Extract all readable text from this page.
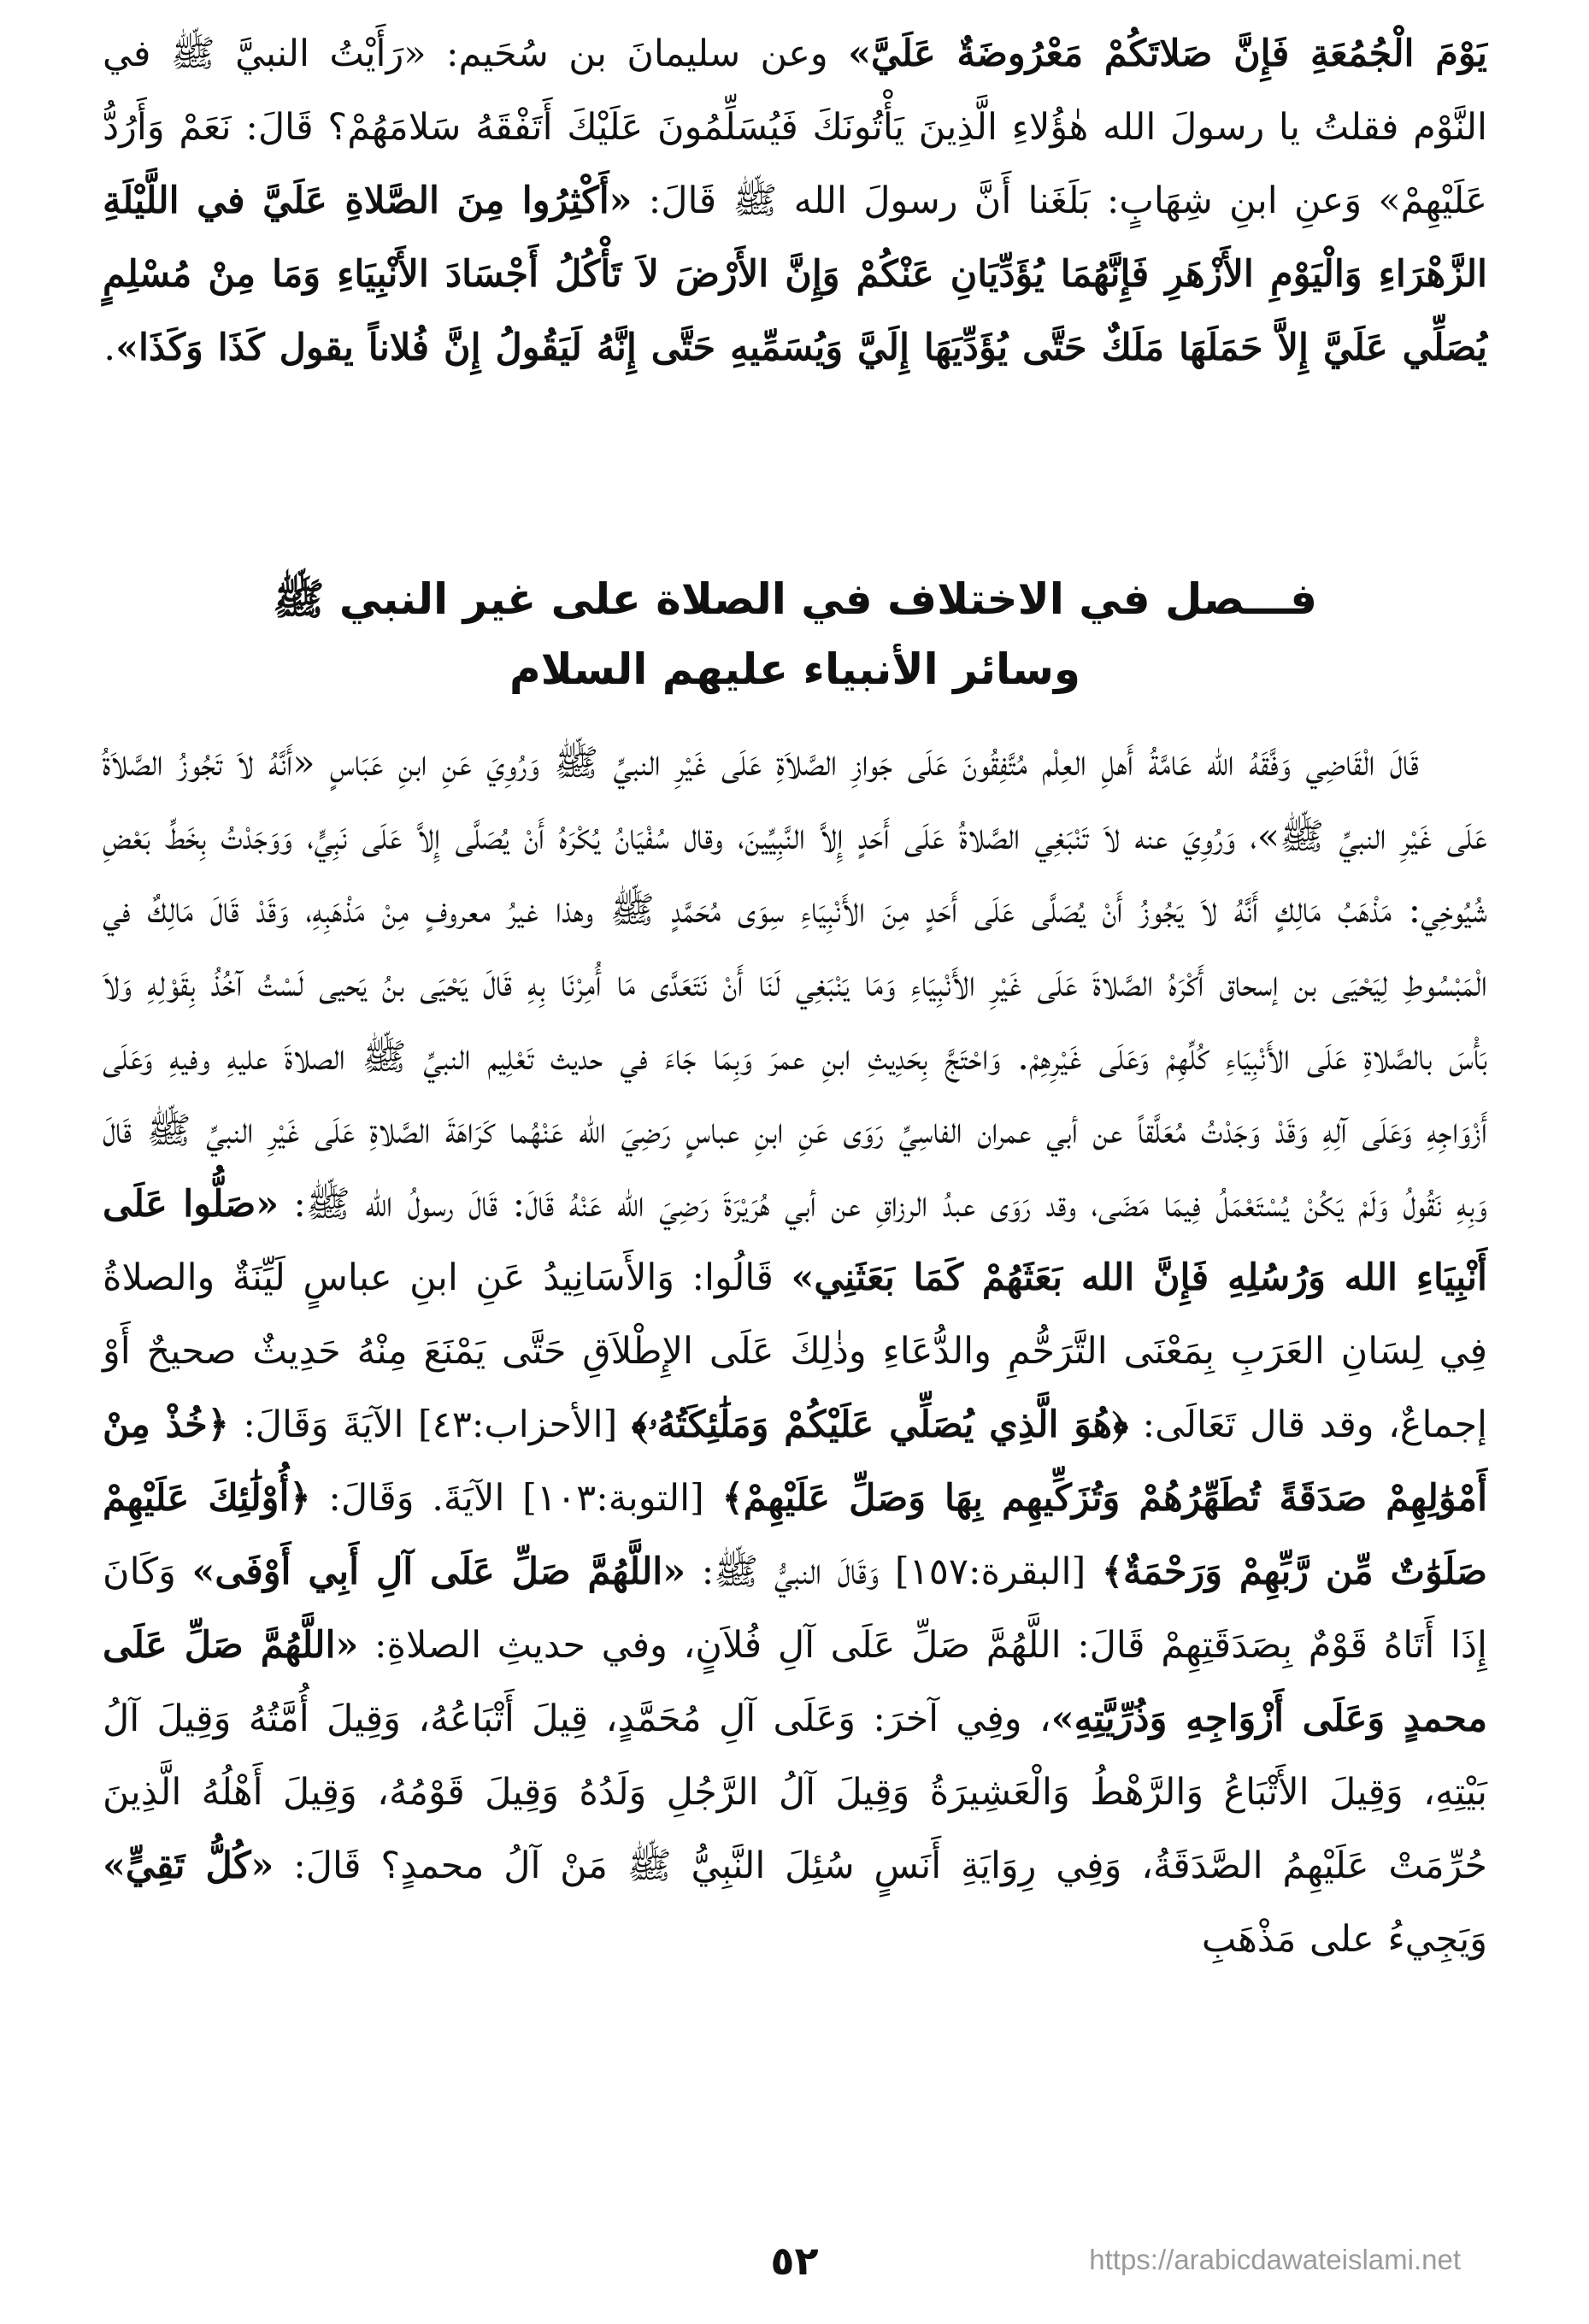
يَوْمَ الْجُمُعَةِ فَإِنَّ صَلاتَكُمْ مَعْرُوضَةٌ عَلَيَّ» وعن سليمانَ بن سُحَيم: «رَأَيْتُ النبيَّ ﷺ في النَّوْم فقلتُ يا رسولَ الله هٰؤُلاءِ الَّذِينَ يَأْتُونَكَ فَيُسَلِّمُونَ عَلَيْكَ أَتَفْقَهُ سَلامَهُمْ؟ قَالَ: نَعَمْ وَأَرُدُّ عَلَيْهِمْ» وَعنِ ابنِ شِهَابٍ: بَلَغَنا أَنَّ رسولَ الله ﷺ قَالَ: «أَكْثِرُوا مِنَ الصَّلاةِ عَلَيَّ في اللَّيْلَةِ الزَّهْرَاءِ وَالْيَوْمِ الأَزْهَرِ فَإِنَّهُمَا يُؤَدِّيَانِ عَنْكُمْ وَإِنَّ الأَرْضَ لاَ تَأْكُلُ أَجْسَادَ الأَنْبِيَاءِ وَمَا مِنْ مُسْلِمٍ يُصَلِّي عَلَيَّ إِلاَّ حَمَلَهَا مَلَكٌ حَتَّى يُؤَدِّيَهَا إِلَيَّ وَيُسَمِّيهِ حَتَّى إِنَّهُ لَيَقُولُ إِنَّ فُلاناً يقول كَذَا وَكَذَا».

فـــصل في الاختلاف في الصلاة على غير النبي ﷺ
وسائر الأنبياء عليهم السلام

قَالَ الْقَاضِي وَفَّقَهُ الله عَامَّةُ أَهلِ العِلْم مُتَّفِقُونَ عَلَى جَوازِ الصَّلاَةِ عَلَى غَيْرِ النبيِّ ﷺ وَرُوِيَ عَنِ ابنِ عَبَاسٍ «أَنَّهُ لاَ تَجُوزُ الصَّلاَةُ عَلَى غَيْرِ النبيِّ ﷺ»، وَرُوِيَ عنه لاَ تَنْبَغِي الصَّلاةُ عَلَى أَحَدٍ إِلاَّ النَّبِيِّينَ، وقال سُفْيَانُ يُكْرَهُ أَنْ يُصَلَّى إِلاَّ عَلَى نَبِيٍّ، وَوَجَدْتُ بِخَطِّ بَعْضِ شُيُوخِي: مَذْهَبُ مَالِكٍ أَنَّهُ لاَ يَجُوزُ أَنْ يُصَلَّى عَلَى أَحَدٍ مِنَ الأَنْبِيَاءِ سِوَى مُحَمَّدٍ ﷺ وهذا غيرُ معروفٍ مِنْ مَذْهَبِهِ، وَقَدْ قَالَ مَالِكٌ في الْمَبْسُوطِ لِيَحْيَى بن إسحاق أَكْرَهُ الصَّلاةَ عَلَى غَيْرِ الأَنْبِيَاءِ وَمَا يَنْبَغِي لَنَا أَنْ نَتَعَدَّى مَا أُمِرْنَا بِهِ قَالَ يَحْيَى بنُ يَحيى لَسْتُ آخُذُ بِقَوْلِهِ وَلاَ بَأْسَ بالصَّلاةِ عَلَى الأَنْبِيَاءِ كُلِّهِمْ وَعَلَى غَيْرِهِمْ. وَاحْتَجَّ بِحَدِيثِ ابنِ عمرَ وَبِمَا جَاءَ في حديث تَعْلِيم النبيِّ ﷺ الصلاةَ عليهِ وفيهِ وَعَلَى أَزْوَاجِهِ وَعَلَى آلِهِ وَقَدْ وَجَدْتُ مُعَلَّقاً عن أبي عمران الفاسِيِّ رَوَى عَنِ ابنِ عباسٍ رَضِيَ الله عَنْهُما كَرَاهَةَ الصَّلاةِ عَلَى غَيْرِ النبيِّ ﷺ قَالَ وَبِهِ نَقُولُ وَلَمْ يَكُنْ يُسْتَعْمَلُ فِيمَا مَضَى، وقد رَوَى عبدُ الرزاقِ عن أبي هُرَيْرَةَ رَضِيَ الله عَنْهُ قَالَ: قَالَ رسولُ الله ﷺ: «صَلُّوا عَلَى أَنْبِيَاءِ الله وَرُسُلِهِ فَإِنَّ الله بَعَثَهُمْ كَمَا بَعَثَنِي» قَالُوا: وَالأَسَانِيدُ عَنِ ابنِ عباسٍ لَيِّنَةٌ والصلاةُ فِي لِسَانِ العَرَبِ بِمَعْنَى التَّرَحُّمِ والدُّعَاءِ وذٰلِكَ عَلَى الإِطْلاَقِ حَتَّى يَمْنَعَ مِنْهُ حَدِيثٌ صحيحٌ أَوْ إجماعٌ، وقد قال تَعَالَى: ﴿هُوَ الَّذِي يُصَلِّي عَلَيْكُمْ وَمَلَٰئِكَتُهُۥ﴾ [الأحزاب:٤٣] الآيَةَ وَقَالَ: ﴿خُذْ مِنْ أَمْوَٰلِهِمْ صَدَقَةً تُطَهِّرُهُمْ وَتُزَكِّيهِم بِهَا وَصَلِّ عَلَيْهِمْ﴾ [التوبة:١٠٣] الآيَةَ. وَقَالَ: ﴿أُوْلَٰئِكَ عَلَيْهِمْ صَلَوَٰتٌ مِّن رَّبِّهِمْ وَرَحْمَةٌ﴾ [البقرة:١٥٧] وَقَالَ النبيُّ ﷺ: «اللَّهُمَّ صَلِّ عَلَى آلِ أَبِي أَوْفَى» وَكَانَ إِذَا أَتَاهُ قَوْمٌ بِصَدَقَتِهِمْ قَالَ: اللَّهُمَّ صَلِّ عَلَى آلِ فُلاَنٍ، وفي حديثِ الصلاةِ: «اللَّهُمَّ صَلِّ عَلَى محمدٍ وَعَلَى أَزْوَاجِهِ وَذُرِّيَّتِهِ»، وفِي آخرَ: وَعَلَى آلِ مُحَمَّدٍ، قِيلَ أَتْبَاعُهُ، وَقِيلَ أُمَّتُهُ وَقِيلَ آلُ بَيْتِهِ، وَقِيلَ الأَتْبَاعُ وَالرَّهْطُ وَالْعَشِيرَةُ وَقِيلَ آلُ الرَّجُلِ وَلَدُهُ وَقِيلَ قَوْمُهُ، وَقِيلَ أَهْلُهُ الَّذِينَ حُرِّمَتْ عَلَيْهِمُ الصَّدَقَةُ، وَفِي رِوَايَةِ أَنَسٍ سُئِلَ النَّبِيُّ ﷺ مَنْ آلُ محمدٍ؟ قَالَ: «كُلُّ تَقِيٍّ» وَيَجِيءُ على مَذْهَبِ

٥٢	https://arabicdawateislami.net
